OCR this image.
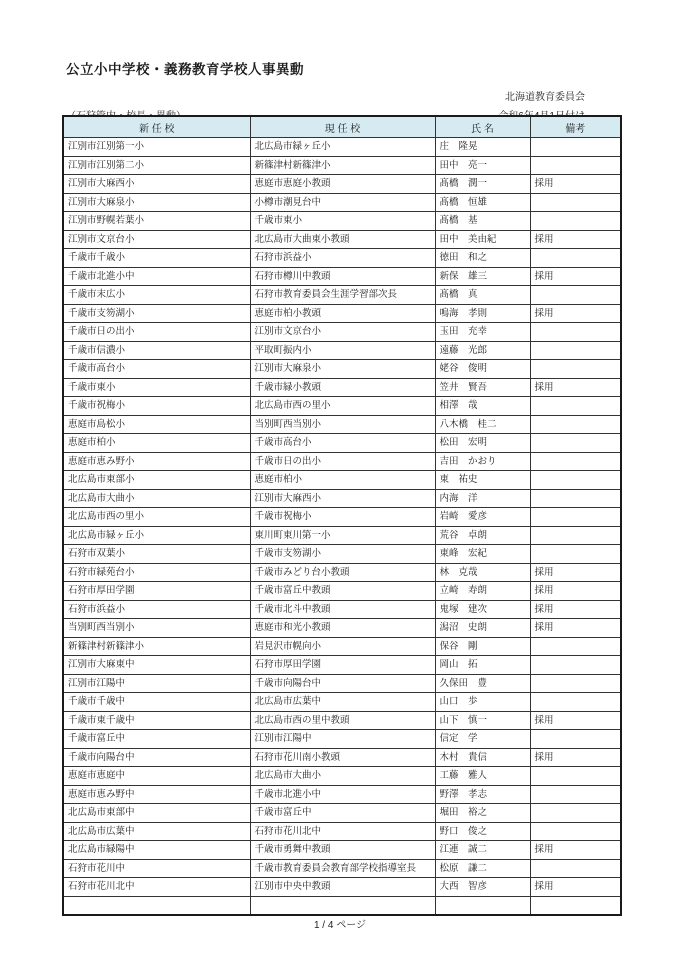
公立小中学校・義務教育学校人事異動
北海道教育委員会
新 任 校	現 任 校	氏 名	備考
江別市江別第一小	北広島市緑ヶ丘小	庄　隆晃	
江別市江別第二小	新篠津村新篠津小	田中　亮一	
江別市大麻西小	恵庭市恵庭小教頭	髙橋　潤一	採用
江別市大麻泉小	小樽市潮見台中	髙橋　恒雄	
江別市野幌若葉小	千歳市東小	髙橋　基	
江別市文京台小	北広島市大曲東小教頭	田中　美由紀	採用
千歳市千歳小	石狩市浜益小	徳田　和之	
千歳市北進小中	石狩市樽川中教頭	新保　雄三	採用
千歳市末広小	石狩市教育委員会生涯学習部次長	髙橋　真	
千歳市支笏湖小	恵庭市柏小教頭	鳴海　孝則	採用
千歳市日の出小	江別市文京台小	玉田　充幸	
千歳市信濃小	平取町振内小	遠藤　光郎	
千歳市高台小	江別市大麻泉小	姥谷　俊明	
千歳市東小	千歳市緑小教頭	笠井　賢吾	採用
千歳市祝梅小	北広島市西の里小	相澤　哉	
恵庭市島松小	当別町西当別小	八木橋　桂二	
恵庭市柏小	千歳市高台小	松田　宏明	
恵庭市恵み野小	千歳市日の出小	吉田　かおり	
北広島市東部小	恵庭市柏小	東　祐史	
北広島市大曲小	江別市大麻西小	内海　洋	
北広島市西の里小	千歳市祝梅小	岩崎　愛彦	
北広島市緑ヶ丘小	東川町東川第一小	荒谷　卓朗	
石狩市双葉小	千歳市支笏湖小	東峰　宏紀	
石狩市緑苑台小	千歳市みどり台小教頭	林　克哉	採用
石狩市厚田学園	千歳市富丘中教頭	立崎　寿朗	採用
石狩市浜益小	千歳市北斗中教頭	鬼塚　建次	採用
当別町西当別小	恵庭市和光小教頭	潟沼　史朗	採用
新篠津村新篠津小	岩見沢市幌向小	保谷　剛	
江別市大麻東中	石狩市厚田学園	岡山　拓	
江別市江陽中	千歳市向陽台中	久保田　豊	
千歳市千歳中	北広島市広葉中	山口　歩	
千歳市東千歳中	北広島市西の里中教頭	山下　慎一	採用
千歳市富丘中	江別市江陽中	信定　学	
千歳市向陽台中	石狩市花川南小教頭	木村　貴信	採用
恵庭市恵庭中	北広島市大曲小	工藤　雅人	
恵庭市恵み野中	千歳市北進小中	野澤　孝志	
北広島市東部中	千歳市富丘中	堀田　裕之	
北広島市広葉中	石狩市花川北中	野口　俊之	
北広島市緑陽中	千歳市勇舞中教頭	江連　誠二	採用
石狩市花川中	千歳市教育委員会教育部学校指導室長	松原　謙二	
石狩市花川北中	江別市中央中教頭	大西　智彦	採用

1 / 4 ページ
